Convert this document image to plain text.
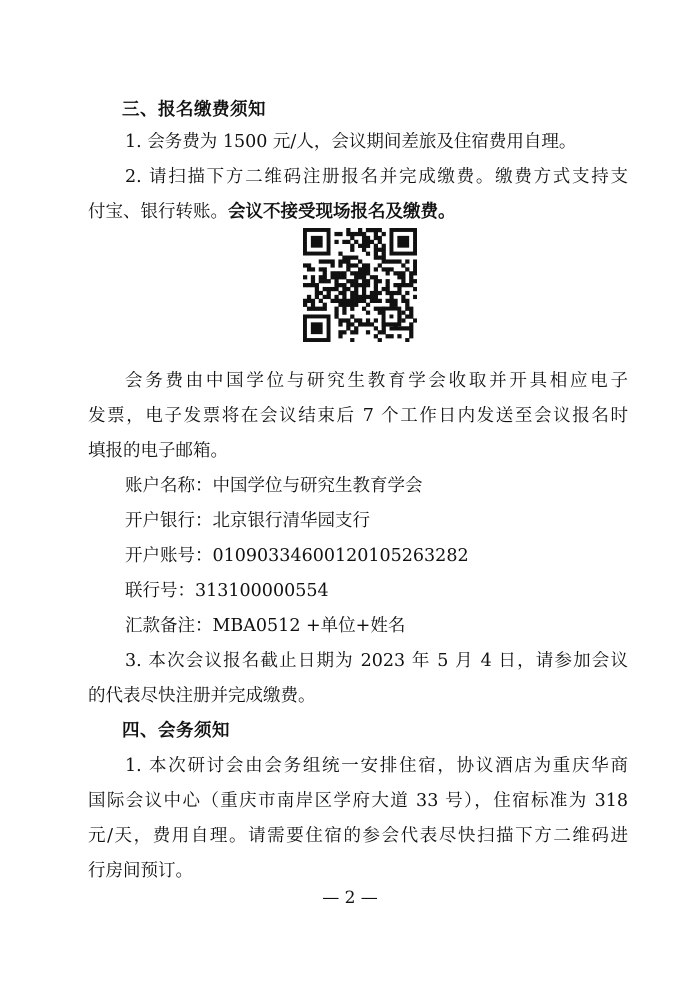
三、报名缴费须知
1. 会务费为 1500 元/人，会议期间差旅及住宿费用自理。
2. 请扫描下方二维码注册报名并完成缴费。缴费方式支持支
付宝、银行转账。会议不接受现场报名及缴费。
会务费由中国学位与研究生教育学会收取并开具相应电子
发票，电子发票将在会议结束后 7 个工作日内发送至会议报名时
填报的电子邮箱。
账户名称：中国学位与研究生教育学会
开户银行：北京银行清华园支行
开户账号：01090334600120105263282
联行号：313100000554
汇款备注：MBA0512 +单位+姓名
3. 本次会议报名截止日期为 2023 年 5 月 4 日，请参加会议
的代表尽快注册并完成缴费。
四、会务须知
1. 本次研讨会由会务组统一安排住宿，协议酒店为重庆华商
国际会议中心（重庆市南岸区学府大道 33 号），住宿标准为 318
元/天，费用自理。请需要住宿的参会代表尽快扫描下方二维码进
行房间预订。
— 2 —
